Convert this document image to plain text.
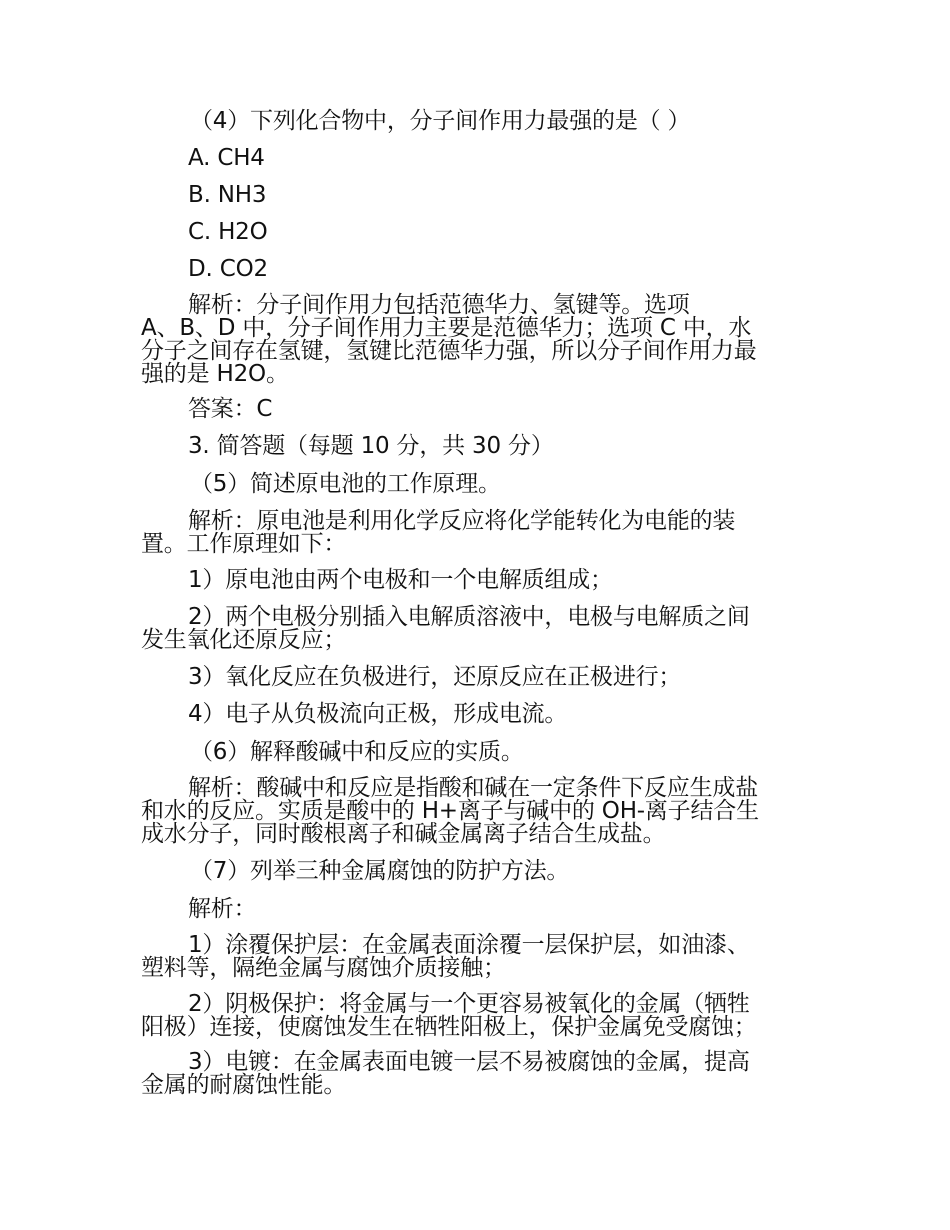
（4）下列化合物中，分子间作用力最强的是（ ）
A. CH4
B. NH3
C. H2O
D. CO2
解析：分子间作用力包括范德华力、氢键等。选项
A、B、D 中，分子间作用力主要是范德华力；选项 C 中，水
分子之间存在氢键，氢键比范德华力强，所以分子间作用力最
强的是 H2O。
答案：C
3. 简答题（每题 10 分，共 30 分）
（5）简述原电池的工作原理。
解析：原电池是利用化学反应将化学能转化为电能的装
置。工作原理如下：
1）原电池由两个电极和一个电解质组成；
2）两个电极分别插入电解质溶液中，电极与电解质之间
发生氧化还原反应；
3）氧化反应在负极进行，还原反应在正极进行；
4）电子从负极流向正极，形成电流。
（6）解释酸碱中和反应的实质。
解析：酸碱中和反应是指酸和碱在一定条件下反应生成盐
和水的反应。实质是酸中的 H+离子与碱中的 OH-离子结合生
成水分子，同时酸根离子和碱金属离子结合生成盐。
（7）列举三种金属腐蚀的防护方法。
解析：
1）涂覆保护层：在金属表面涂覆一层保护层，如油漆、
塑料等，隔绝金属与腐蚀介质接触；
2）阴极保护：将金属与一个更容易被氧化的金属（牺牲
阳极）连接，使腐蚀发生在牺牲阳极上，保护金属免受腐蚀；
3）电镀：在金属表面电镀一层不易被腐蚀的金属，提高
金属的耐腐蚀性能。
